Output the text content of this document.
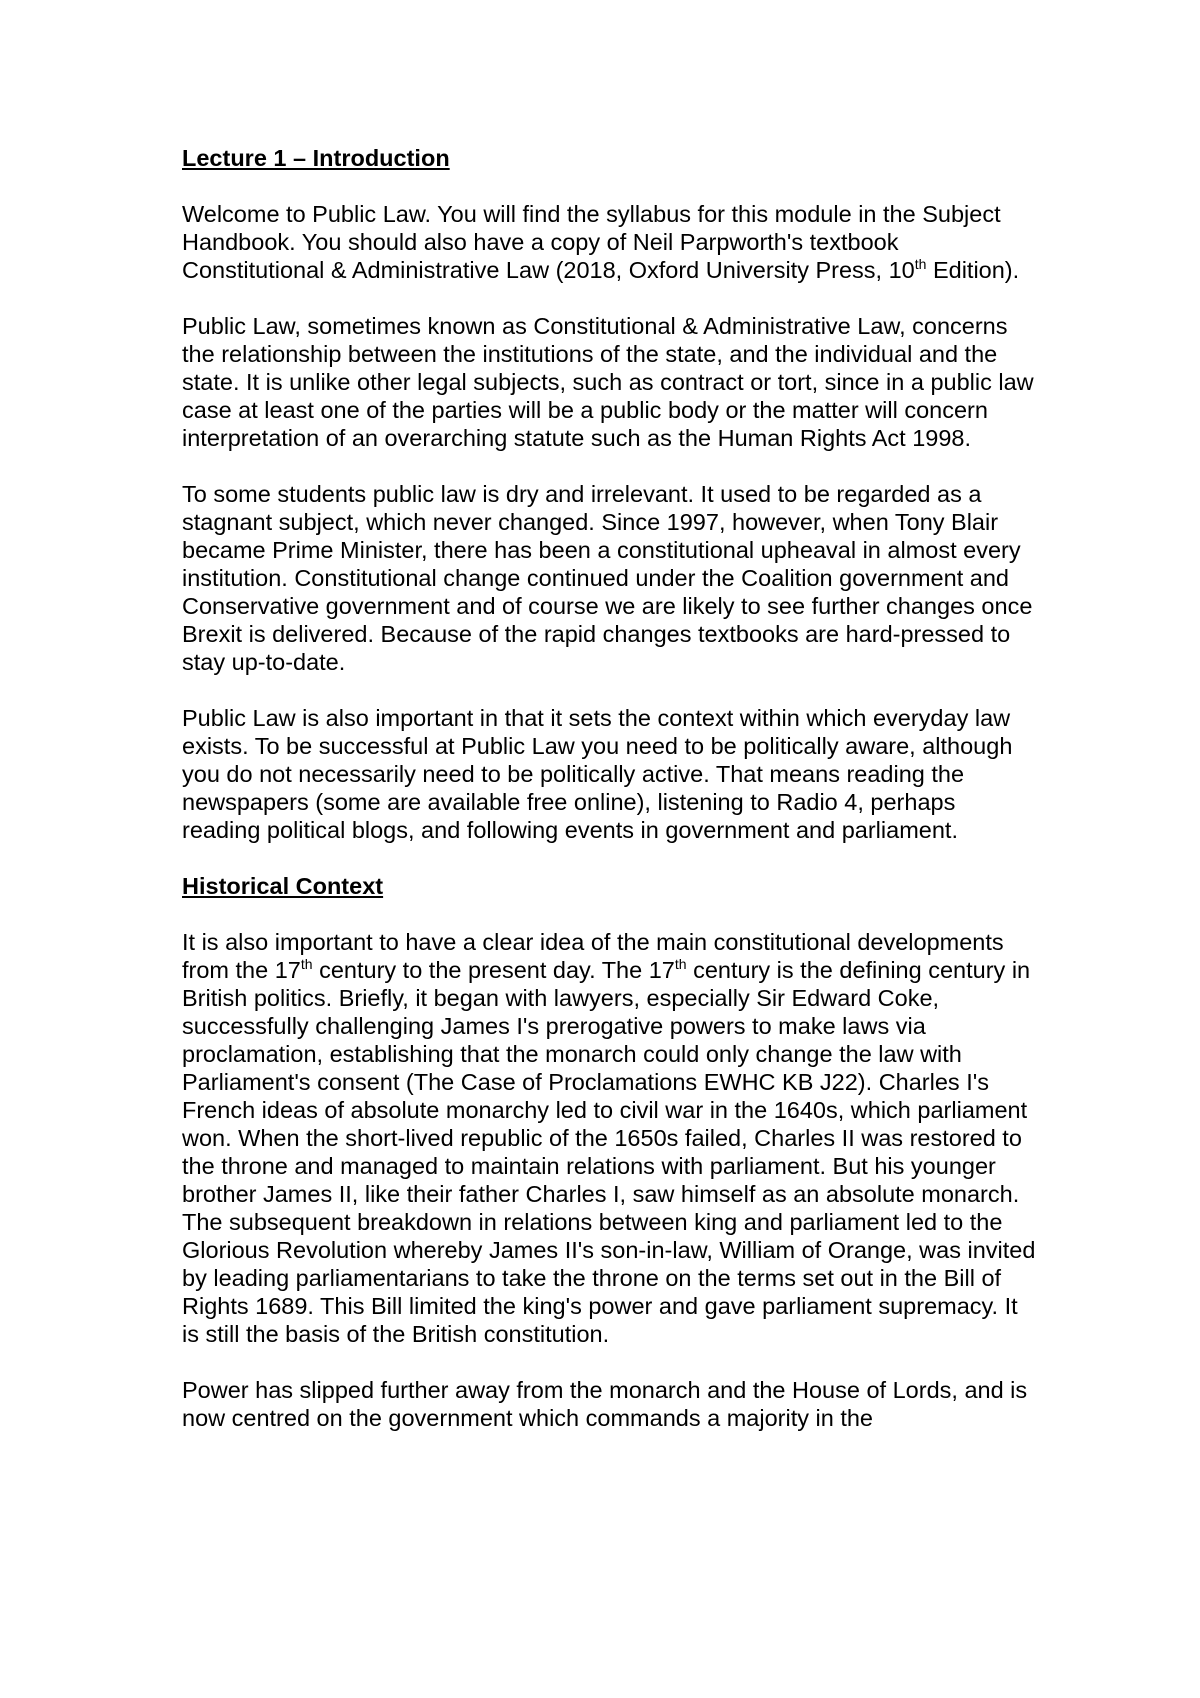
Lecture 1 – Introduction

Welcome to Public Law. You will find the syllabus for this module in the Subject Handbook. You should also have a copy of Neil Parpworth's textbook Constitutional & Administrative Law (2018, Oxford University Press, 10th Edition).

Public Law, sometimes known as Constitutional & Administrative Law, concerns the relationship between the institutions of the state, and the individual and the state. It is unlike other legal subjects, such as contract or tort, since in a public law case at least one of the parties will be a public body or the matter will concern interpretation of an overarching statute such as the Human Rights Act 1998.

To some students public law is dry and irrelevant. It used to be regarded as a stagnant subject, which never changed. Since 1997, however, when Tony Blair became Prime Minister, there has been a constitutional upheaval in almost every institution. Constitutional change continued under the Coalition government and Conservative government and of course we are likely to see further changes once Brexit is delivered. Because of the rapid changes textbooks are hard-pressed to stay up-to-date.

Public Law is also important in that it sets the context within which everyday law exists. To be successful at Public Law you need to be politically aware, although you do not necessarily need to be politically active. That means reading the newspapers (some are available free online), listening to Radio 4, perhaps reading political blogs, and following events in government and parliament.

Historical Context

It is also important to have a clear idea of the main constitutional developments from the 17th century to the present day. The 17th century is the defining century in British politics. Briefly, it began with lawyers, especially Sir Edward Coke, successfully challenging James I's prerogative powers to make laws via proclamation, establishing that the monarch could only change the law with Parliament's consent (The Case of Proclamations EWHC KB J22). Charles I's French ideas of absolute monarchy led to civil war in the 1640s, which parliament won. When the short-lived republic of the 1650s failed, Charles II was restored to the throne and managed to maintain relations with parliament. But his younger brother James II, like their father Charles I, saw himself as an absolute monarch. The subsequent breakdown in relations between king and parliament led to the Glorious Revolution whereby James II's son-in-law, William of Orange, was invited by leading parliamentarians to take the throne on the terms set out in the Bill of Rights 1689. This Bill limited the king's power and gave parliament supremacy. It is still the basis of the British constitution.

Power has slipped further away from the monarch and the House of Lords, and is now centred on the government which commands a majority in the
